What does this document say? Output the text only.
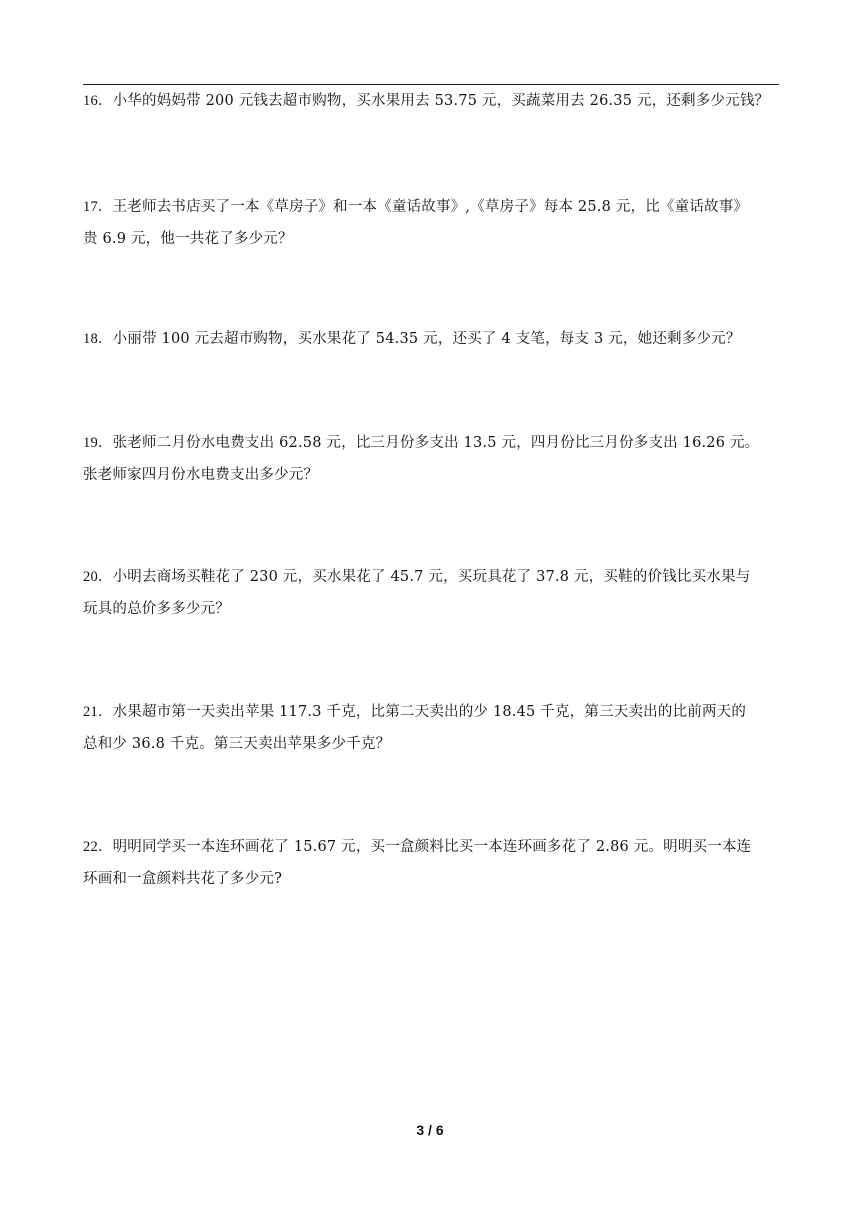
16．小华的妈妈带 200 元钱去超市购物，买水果用去 53.75 元，买蔬菜用去 26.35 元，还剩多少元钱？
17．王老师去书店买了一本《草房子》和一本《童话故事》,《草房子》每本 25.8 元，比《童话故事》
贵 6.9 元，他一共花了多少元？
18．小丽带 100 元去超市购物，买水果花了 54.35 元，还买了 4 支笔，每支 3 元，她还剩多少元？
19．张老师二月份水电费支出 62.58 元，比三月份多支出 13.5 元，四月份比三月份多支出 16.26 元。
张老师家四月份水电费支出多少元？
20．小明去商场买鞋花了 230 元，买水果花了 45.7 元，买玩具花了 37.8 元，买鞋的价钱比买水果与
玩具的总价多多少元？
21．水果超市第一天卖出苹果 117.3 千克，比第二天卖出的少 18.45 千克，第三天卖出的比前两天的
总和少 36.8 千克。第三天卖出苹果多少千克？
22．明明同学买一本连环画花了 15.67 元，买一盒颜料比买一本连环画多花了 2.86 元。明明买一本连
环画和一盒颜料共花了多少元?
3 / 6
